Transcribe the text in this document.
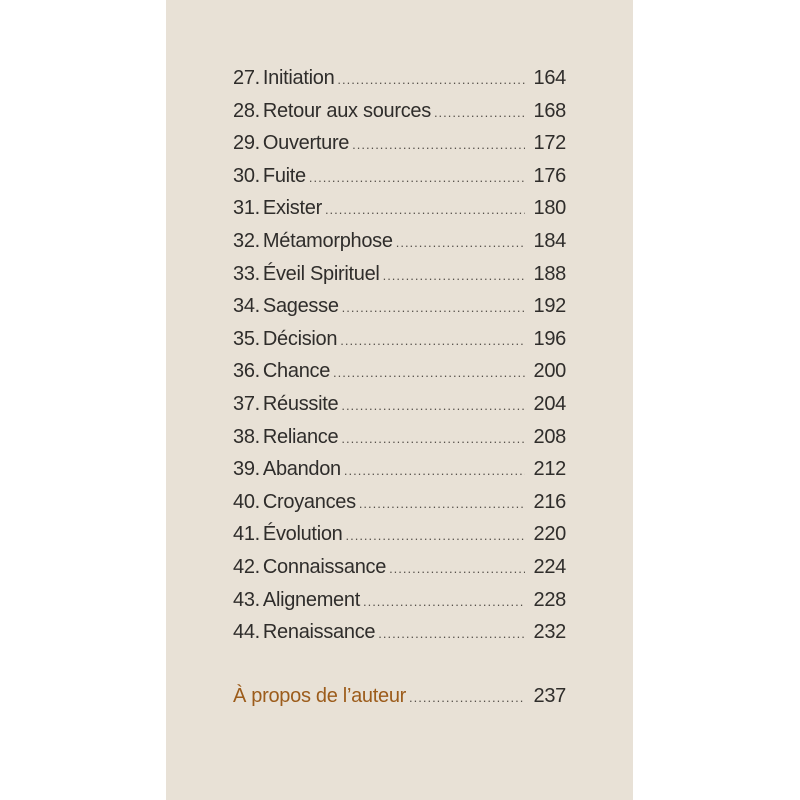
27. Initiation .....	164
28. Retour aux sources .....	168
29. Ouverture .....	172
30. Fuite .....	176
31. Exister .....	180
32. Métamorphose .....	184
33. Éveil Spirituel .....	188
34. Sagesse .....	192
35. Décision .....	196
36. Chance .....	200
37. Réussite .....	204
38. Reliance .....	208
39. Abandon .....	212
40. Croyances .....	216
41. Évolution .....	220
42. Connaissance .....	224
43. Alignement .....	228
44. Renaissance .....	232
À propos de l’auteur .....	237
